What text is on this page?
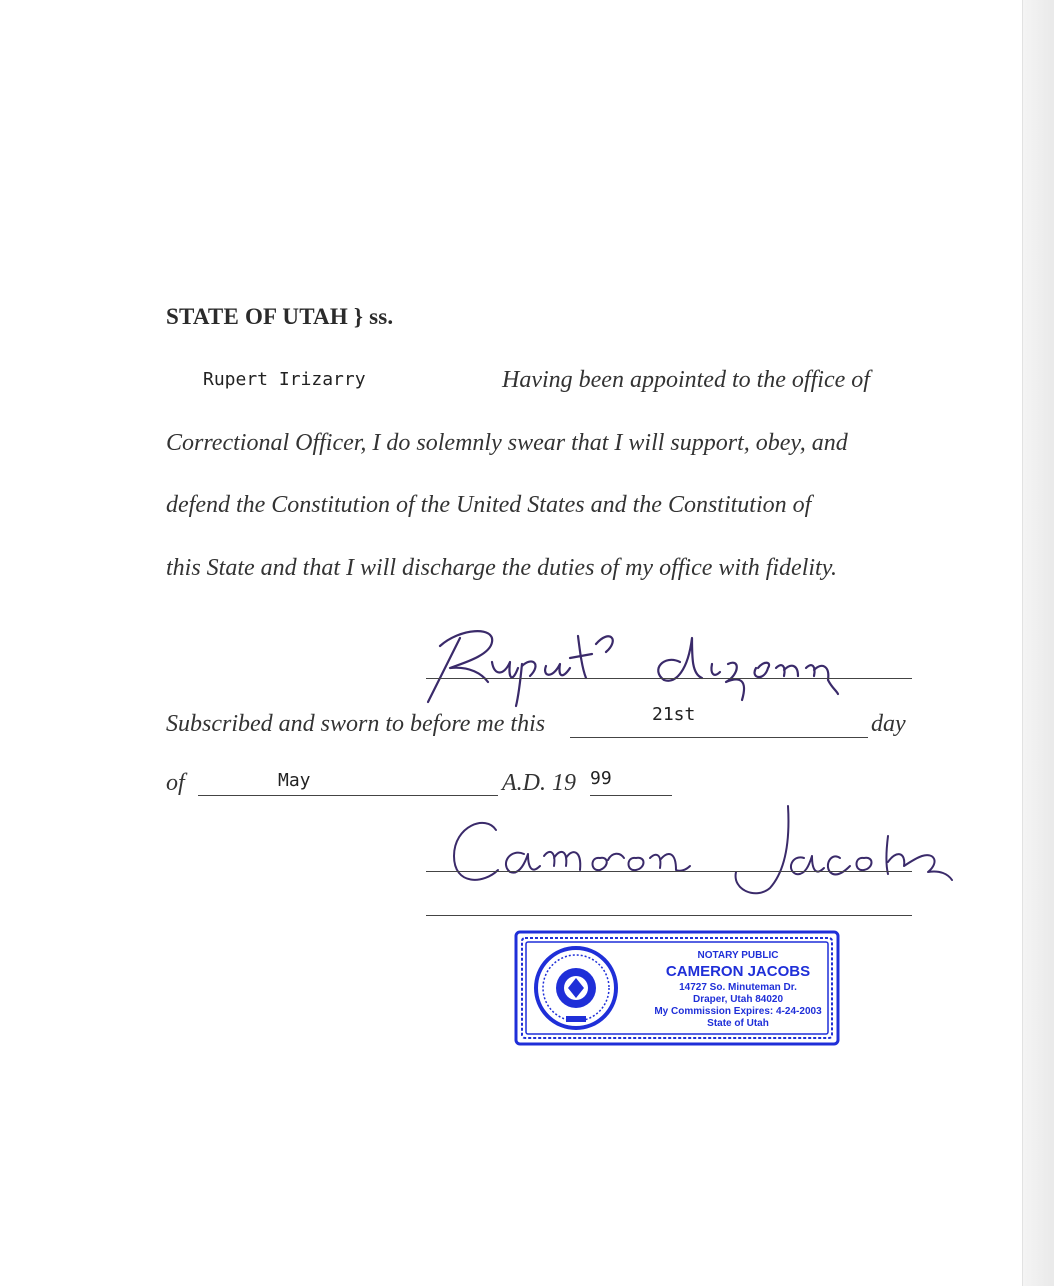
STATE OF UTAH } ss.
Rupert Irizarry	Having been appointed to the office of
Correctional Officer, I do solemnly swear that I will support, obey, and
defend the Constitution of the United States and the Constitution of
this State and that I will discharge the duties of my office with fidelity.
Subscribed and sworn to before me this	21st	day
of	May	A.D. 19 99
NOTARY PUBLIC
CAMERON JACOBS
14727 So. Minuteman Dr.
Draper, Utah 84020
My Commission Expires: 4-24-2003
State of Utah
